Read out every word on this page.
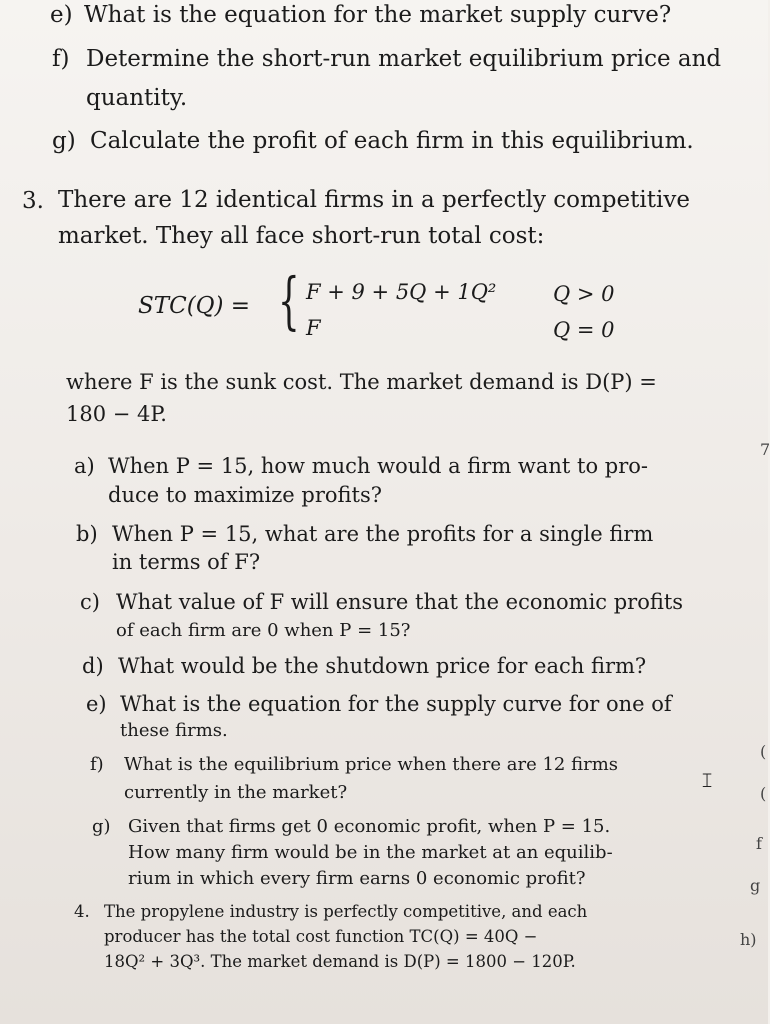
e) What is the equation for the market supply curve?
f) Determine the short-run market equilibrium price and
quantity.
g) Calculate the profit of each firm in this equilibrium.
3. There are 12 identical firms in a perfectly competitive
market. They all face short-run total cost:
STC(Q) = { F + 9 + 5Q + 1Q²	Q > 0
F	Q = 0
where F is the sunk cost. The market demand is D(P) =
180 − 4P.
a) When P = 15, how much would a firm want to pro-
duce to maximize profits?
b) When P = 15, what are the profits for a single firm
in terms of F?
c) What value of F will ensure that the economic profits
of each firm are 0 when P = 15?
d) What would be the shutdown price for each firm?
e) What is the equation for the supply curve for one of
these firms.
f) What is the equilibrium price when there are 12 firms
currently in the market?
𝙸
g) Given that firms get 0 economic profit, when P = 15.
How many firm would be in the market at an equilib-
rium in which every firm earns 0 economic profit?
4. The propylene industry is perfectly competitive, and each
producer has the total cost function TC(Q) = 40Q −
18Q² + 3Q³. The market demand is D(P) = 1800 − 120P.
7
(
(
f
g
h)
